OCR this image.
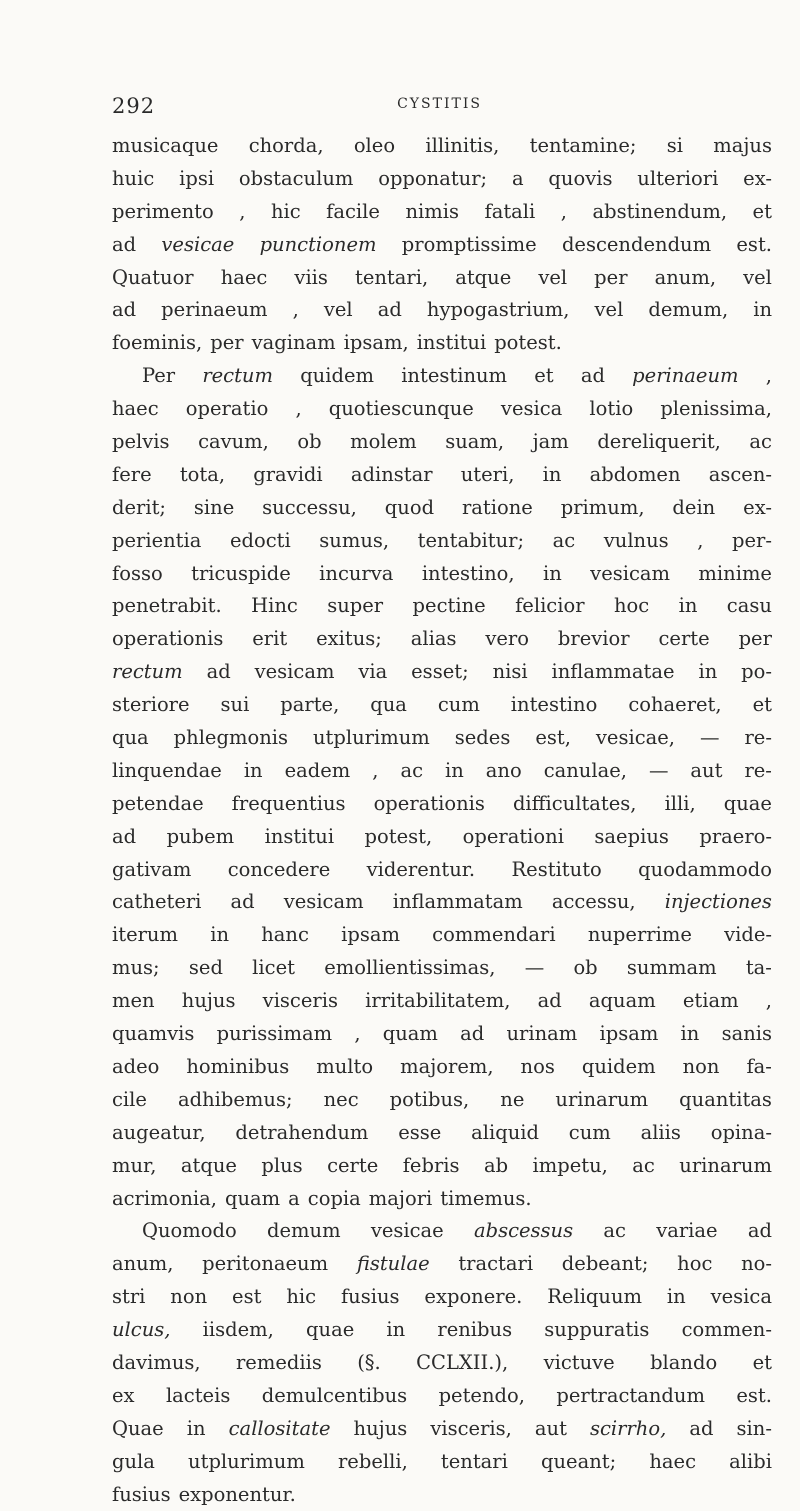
292	CYSTITIS
musicaque chorda, oleo illinitis, tentamine; si majus
huic ipsi obstaculum opponatur; a quovis ulteriori ex-
perimento , hic facile nimis fatali , abstinendum, et
ad vesicae punctionem promptissime descendendum est.
Quatuor haec viis tentari, atque vel per anum, vel
ad perinaeum , vel ad hypogastrium, vel demum, in
foeminis, per vaginam ipsam, institui potest.
Per rectum quidem intestinum et ad perinaeum ,
haec operatio , quotiescunque vesica lotio plenissima,
pelvis cavum, ob molem suam, jam dereliquerit, ac
fere tota, gravidi adinstar uteri, in abdomen ascen-
derit; sine successu, quod ratione primum, dein ex-
perientia edocti sumus, tentabitur; ac vulnus , per-
fosso tricuspide incurva intestino, in vesicam minime
penetrabit. Hinc super pectine felicior hoc in casu
operationis erit exitus; alias vero brevior certe per
rectum ad vesicam via esset; nisi inflammatae in po-
steriore sui parte, qua cum intestino cohaeret, et
qua phlegmonis utplurimum sedes est, vesicae, — re-
linquendae in eadem , ac in ano canulae, — aut re-
petendae frequentius operationis difficultates, illi, quae
ad pubem institui potest, operationi saepius praero-
gativam concedere viderentur. Restituto quodammodo
catheteri ad vesicam inflammatam accessu, injectiones
iterum in hanc ipsam commendari nuperrime vide-
mus; sed licet emollientissimas, — ob summam ta-
men hujus visceris irritabilitatem, ad aquam etiam ,
quamvis purissimam , quam ad urinam ipsam in sanis
adeo hominibus multo majorem, nos quidem non fa-
cile adhibemus; nec potibus, ne urinarum quantitas
augeatur, detrahendum esse aliquid cum aliis opina-
mur, atque plus certe febris ab impetu, ac urinarum
acrimonia, quam a copia majori timemus.
Quomodo demum vesicae abscessus ac variae ad
anum, peritonaeum fistulae tractari debeant; hoc no-
stri non est hic fusius exponere. Reliquum in vesica
ulcus, iisdem, quae in renibus suppuratis commen-
davimus, remediis (§. CCLXII.), victuve blando et
ex lacteis demulcentibus petendo, pertractandum est.
Quae in callositate hujus visceris, aut scirrho, ad sin-
gula utplurimum rebelli, tentari queant; haec alibi
fusius exponentur.
